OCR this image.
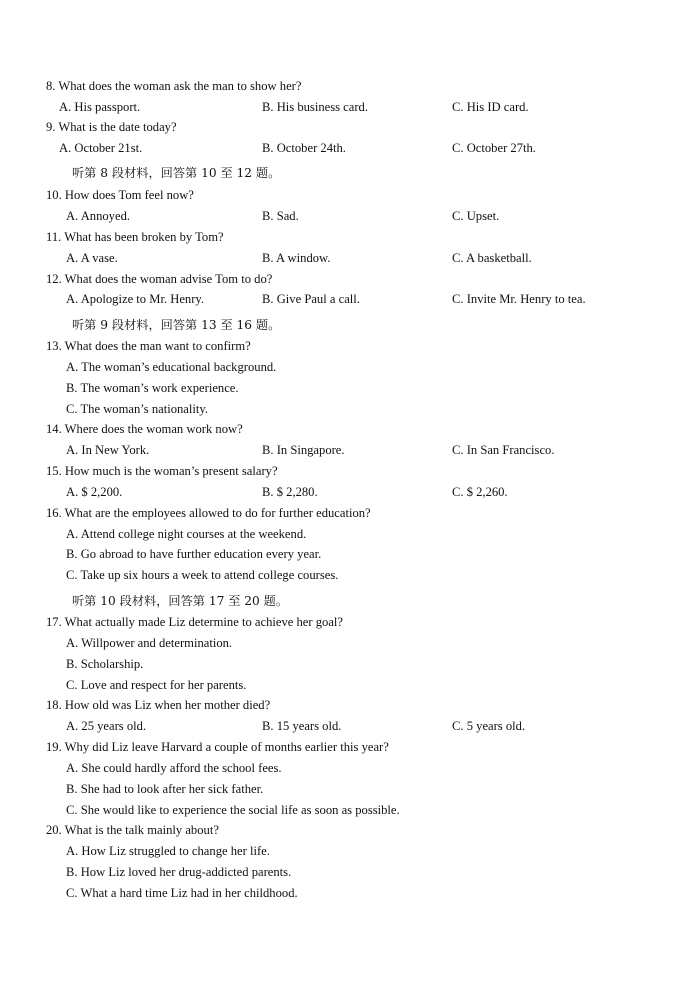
8. What does the woman ask the man to show her?
A. His passport.	B. His business card.	C. His ID card.
9. What is the date today?
A. October 21st.	B. October 24th.	C. October 27th.
听第 8 段材料，回答第 10 至 12 题。
10. How does Tom feel now?
A. Annoyed.	B. Sad.	C. Upset.
11. What has been broken by Tom?
A. A vase.	B. A window.	C. A basketball.
12. What does the woman advise Tom to do?
A. Apologize to Mr. Henry.	B. Give Paul a call.	C. Invite Mr. Henry to tea.
听第 9 段材料，回答第 13 至 16 题。
13. What does the man want to confirm?
A. The woman’s educational background.
B. The woman’s work experience.
C. The woman’s nationality.
14. Where does the woman work now?
A. In New York.	B. In Singapore.	C. In San Francisco.
15. How much is the woman’s present salary?
A. $ 2,200.	B. $ 2,280.	C. $ 2,260.
16. What are the employees allowed to do for further education?
A. Attend college night courses at the weekend.
B. Go abroad to have further education every year.
C. Take up six hours a week to attend college courses.
听第 10 段材料，回答第 17 至 20 题。
17. What actually made Liz determine to achieve her goal?
A. Willpower and determination.
B. Scholarship.
C. Love and respect for her parents.
18. How old was Liz when her mother died?
A. 25 years old.	B. 15 years old.	C. 5 years old.
19. Why did Liz leave Harvard a couple of months earlier this year?
A. She could hardly afford the school fees.
B. She had to look after her sick father.
C. She would like to experience the social life as soon as possible.
20. What is the talk mainly about?
A. How Liz struggled to change her life.
B. How Liz loved her drug-addicted parents.
C. What a hard time Liz had in her childhood.
